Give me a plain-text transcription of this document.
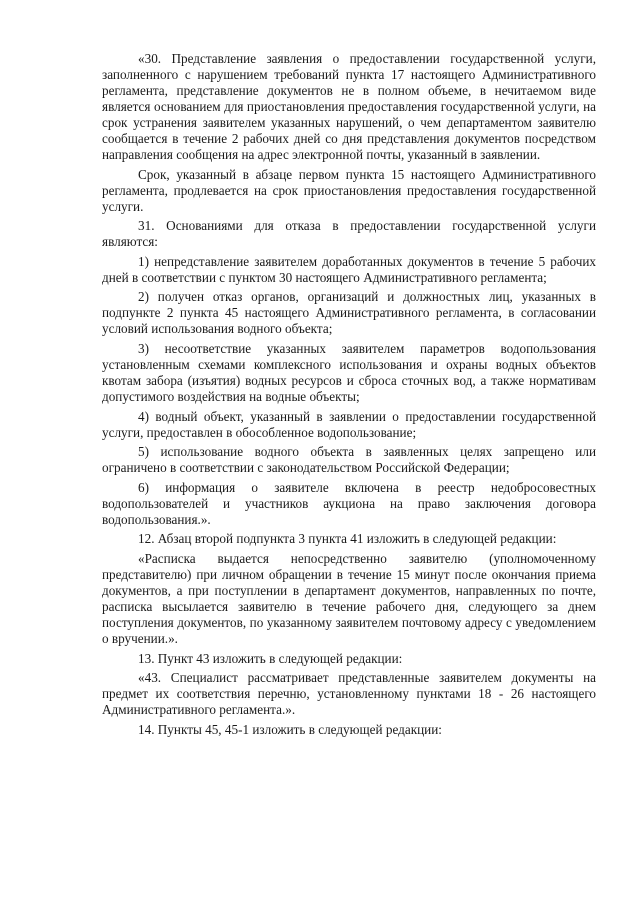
«30. Представление заявления о предоставлении государственной услуги, заполненного с нарушением требований пункта 17 настоящего Административного регламента, представление документов не в полном объеме, в нечитаемом виде является основанием для приостановления предоставления государственной услуги, на срок устранения заявителем указанных нарушений, о чем департаментом заявителю сообщается в течение 2 рабочих дней со дня представления документов посредством направления сообщения на адрес электронной почты, указанный в заявлении.

Срок, указанный в абзаце первом пункта 15 настоящего Административного регламента, продлевается на срок приостановления предоставления государственной услуги.

31. Основаниями для отказа в предоставлении государственной услуги являются:

1) непредставление заявителем доработанных документов в течение 5 рабочих дней в соответствии с пунктом 30 настоящего Административного регламента;

2) получен отказ органов, организаций и должностных лиц, указанных в подпункте 2 пункта 45 настоящего Административного регламента, в согласовании условий использования водного объекта;

3) несоответствие указанных заявителем параметров водопользования установленным схемами комплексного использования и охраны водных объектов квотам забора (изъятия) водных ресурсов и сброса сточных вод, а также нормативам допустимого воздействия на водные объекты;

4) водный объект, указанный в заявлении о предоставлении государственной услуги, предоставлен в обособленное водопользование;

5) использование водного объекта в заявленных целях запрещено или ограничено в соответствии с законодательством Российской Федерации;

6) информация о заявителе включена в реестр недобросовестных водопользователей и участников аукциона на право заключения договора водопользования.».

12. Абзац второй подпункта 3 пункта 41 изложить в следующей редакции:

«Расписка выдается непосредственно заявителю (уполномоченному представителю) при личном обращении в течение 15 минут после окончания приема документов, а при поступлении в департамент документов, направленных по почте, расписка высылается заявителю в течение рабочего дня, следующего за днем поступления документов, по указанному заявителем почтовому адресу с уведомлением о вручении.».

13. Пункт 43 изложить в следующей редакции:

«43. Специалист рассматривает представленные заявителем документы на предмет их соответствия перечню, установленному пунктами 18 - 26 настоящего Административного регламента.».

14. Пункты 45, 45-1 изложить в следующей редакции:
